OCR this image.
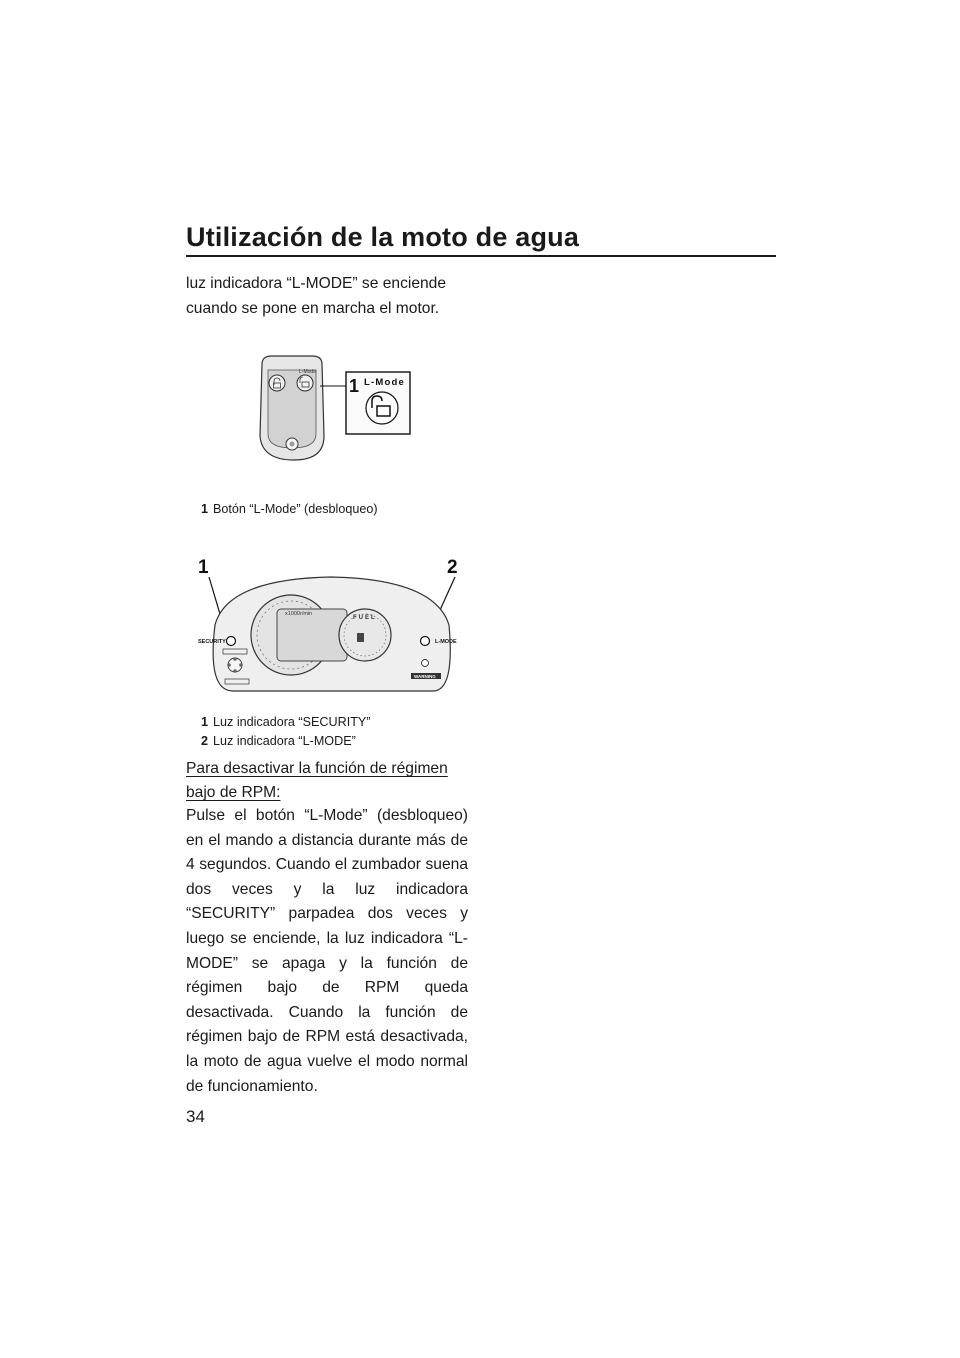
Utilización de la moto de agua

luz indicadora “L-MODE” se enciende cuando se pone en marcha el motor.

L-Mode
1 L-Mode
1 Botón “L-Mode” (desbloqueo)
1	2
x1000r/min
FUEL
SECURITY	L-MODE
WARNING
1 Luz indicadora “SECURITY”
2 Luz indicadora “L-MODE”

Para desactivar la función de régimen bajo de RPM:

Pulse el botón “L-Mode” (desbloqueo) en el mando a distancia durante más de 4 segundos. Cuando el zumbador suena dos veces y la luz indicadora “SECURITY” parpadea dos veces y luego se enciende, la luz indicadora “L-MODE” se apaga y la función de régimen bajo de RPM queda desactivada. Cuando la función de régimen bajo de RPM está desactivada, la moto de agua vuelve el modo normal de funcionamiento.

34
